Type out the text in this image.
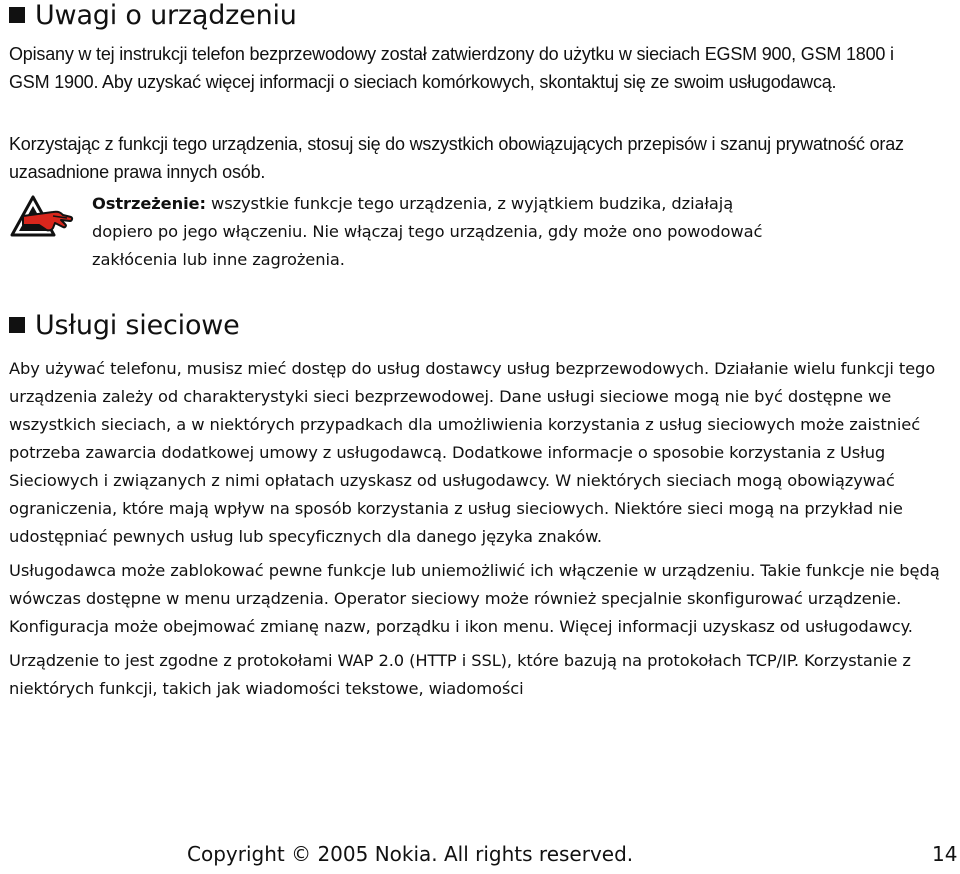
Uwagi o urządzeniu

Opisany w tej instrukcji telefon bezprzewodowy został zatwierdzony do użytku w sieciach EGSM 900, GSM 1800 i GSM 1900. Aby uzyskać więcej informacji o sieciach komórkowych, skontaktuj się ze swoim usługodawcą.

Korzystając z funkcji tego urządzenia, stosuj się do wszystkich obowiązujących przepisów i szanuj prywatność oraz uzasadnione prawa innych osób.

Ostrzeżenie: wszystkie funkcje tego urządzenia, z wyjątkiem budzika, działają dopiero po jego włączeniu. Nie włączaj tego urządzenia, gdy może ono powodować zakłócenia lub inne zagrożenia.

Usługi sieciowe

Aby używać telefonu, musisz mieć dostęp do usług dostawcy usług bezprzewodowych. Działanie wielu funkcji tego urządzenia zależy od charakterystyki sieci bezprzewodowej. Dane usługi sieciowe mogą nie być dostępne we wszystkich sieciach, a w niektórych przypadkach dla umożliwienia korzystania z usług sieciowych może zaistnieć potrzeba zawarcia dodatkowej umowy z usługodawcą. Dodatkowe informacje o sposobie korzystania z Usług Sieciowych i związanych z nimi opłatach uzyskasz od usługodawcy. W niektórych sieciach mogą obowiązywać ograniczenia, które mają wpływ na sposób korzystania z usług sieciowych. Niektóre sieci mogą na przykład nie udostępniać pewnych usług lub specyficznych dla danego języka znaków.

Usługodawca może zablokować pewne funkcje lub uniemożliwić ich włączenie w urządzeniu. Takie funkcje nie będą wówczas dostępne w menu urządzenia. Operator sieciowy może również specjalnie skonfigurować urządzenie. Konfiguracja może obejmować zmianę nazw, porządku i ikon menu. Więcej informacji uzyskasz od usługodawcy.

Urządzenie to jest zgodne z protokołami WAP 2.0 (HTTP i SSL), które bazują na protokołach TCP/IP. Korzystanie z niektórych funkcji, takich jak wiadomości tekstowe, wiadomości

Copyright © 2005 Nokia. All rights reserved.	14
